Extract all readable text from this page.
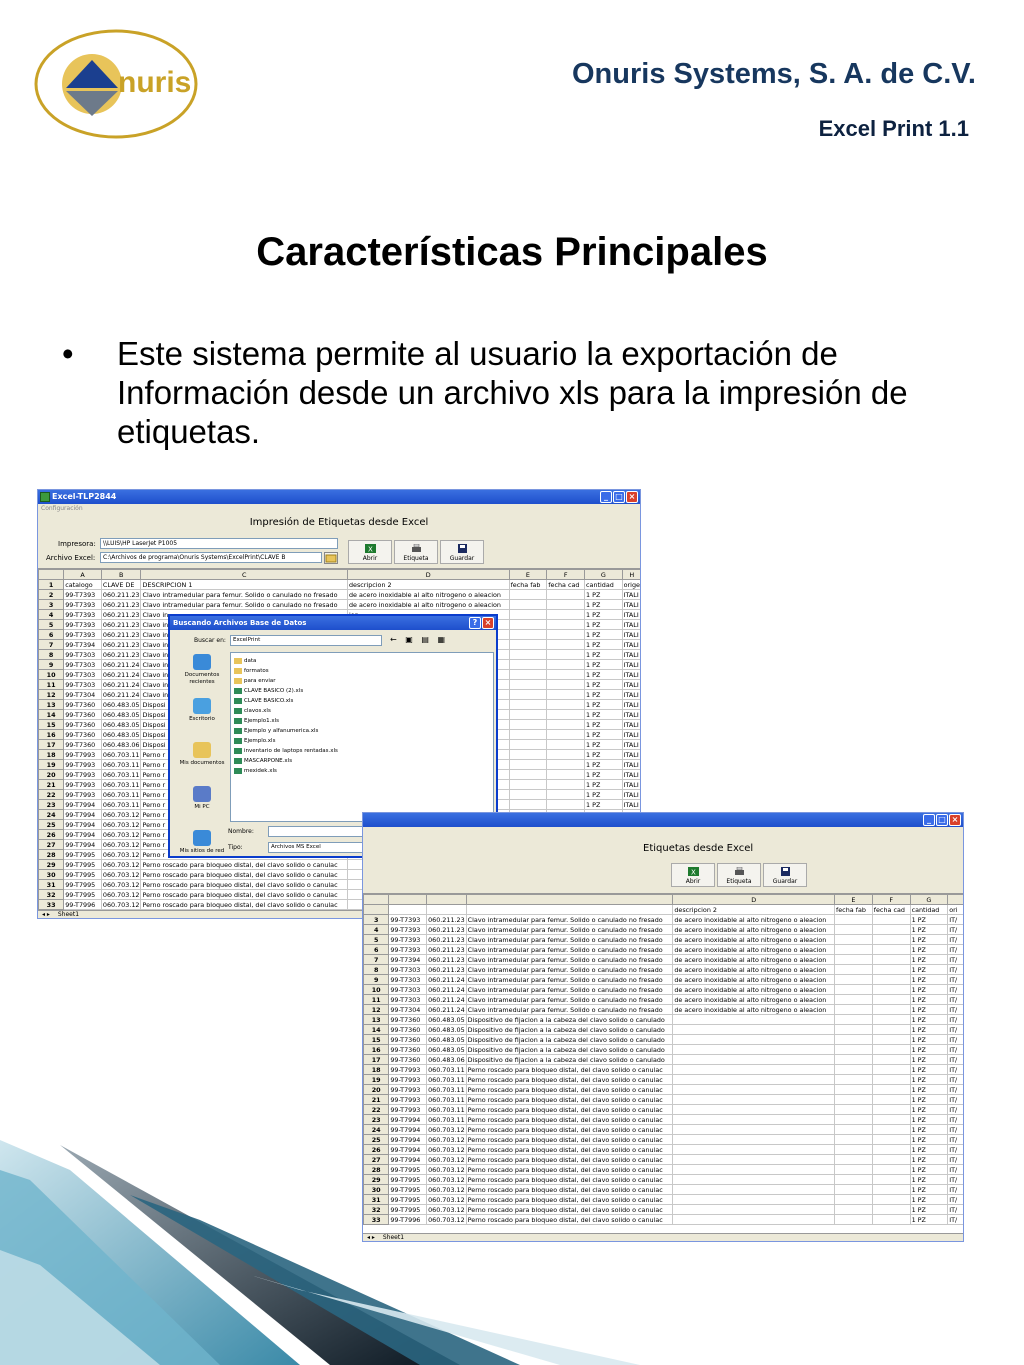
nuris	Onuris Systems, S. A. de C.V.
Excel Print 1.1
Características Principales
• Este sistema permite al usuario la exportación de Información desde un archivo xls para la impresión de etiquetas.
Excel-TLP2844	_ □ ×
Configuración
Impresión de Etiquetas desde Excel
Impresora:	\\LUIS\HP LaserJet P1005
Archivo Excel:	C:\Archivos de programa\Onuris Systems\ExcelPrint\CLAVE B
X
Abrir	Etiqueta	Guardar
	A	B	C	D	E	F	G	H
1	catalogo	CLAVE DE	DESCRIPCION 1	descripcion 2	fecha fab	fecha cad	cantidad	orige
2	99-T7393	060.211.23	Clavo intramedular para femur. Solido o canulado no fresado	de acero inoxidable al alto nitrogeno o aleacion			1 PZ	ITALI
3	99-T7393	060.211.23	Clavo intramedular para femur. Solido o canulado no fresado	de acero inoxidable al alto nitrogeno o aleacion			1 PZ	ITALI
4	99-T7393	060.211.23	Clavo in				1 PZ	ITALI
5	99-T7393	060.211.23	Clavo in				1 PZ	ITALI
6	99-T7393	060.211.23	Clavo in				1 PZ	ITALI
7	99-T7394	060.211.23	Clavo in				1 PZ	ITALI
8	99-T7303	060.211.23	Clavo in				1 PZ	ITALI
9	99-T7303	060.211.24	Clavo in				1 PZ	ITALI
10	99-T7303	060.211.24	Clavo in				1 PZ	ITALI
11	99-T7303	060.211.24	Clavo in				1 PZ	ITALI
12	99-T7304	060.211.24	Clavo in				1 PZ	ITALI
13	99-T7360	060.483.05	Disposi				1 PZ	ITALI
14	99-T7360	060.483.05	Disposi				1 PZ	ITALI
15	99-T7360	060.483.05	Disposi				1 PZ	ITALI
16	99-T7360	060.483.05	Disposi				1 PZ	ITALI
17	99-T7360	060.483.06	Disposi				1 PZ	ITALI
18	99-T7993	060.703.11	Perno r				1 PZ	ITALI
19	99-T7993	060.703.11	Perno r				1 PZ	ITALI
20	99-T7993	060.703.11	Perno r				1 PZ	ITALI
21	99-T7993	060.703.11	Perno r				1 PZ	ITALI
22	99-T7993	060.703.11	Perno r				1 PZ	ITALI
23	99-T7994	060.703.11	Perno r				1 PZ	ITALI
24	99-T7994	060.703.12	Perno r					
25	99-T7994	060.703.12	Perno r					
26	99-T7994	060.703.12	Perno r					
27	99-T7994	060.703.12	Perno r					
28	99-T7995	060.703.12	Perno r					
29	99-T7995	060.703.12	Perno roscado para bloqueo distal, del clavo solido o canulac					
30	99-T7995	060.703.12	Perno roscado para bloqueo distal, del clavo solido o canulac					
31	99-T7995	060.703.12	Perno roscado para bloqueo distal, del clavo solido o canulac					
32	99-T7995	060.703.12	Perno roscado para bloqueo distal, del clavo solido o canulac					
33	99-T7996	060.703.12	Perno roscado para bloqueo distal, del clavo solido o canulac					
◂ ▸ Sheet1
Buscando Archivos Base de Datos	? ×
Buscar en:	ExcelPrint	← ▣ ▤ ▦
Documentos recientes
Escritorio
Mis documentos
Mi PC
Mis sitios de red
data
formatos
para enviar
CLAVE BASICO (2).xls
CLAVE BASICO.xls
clavos.xls
Ejemplo1.xls
Ejemplo y alfanumerica.xls
Ejemplo.xls
inventario de laptops rentadas.xls
MASCARPONE.xls
mexidek.xls
Nombre:
Tipo:	Archivos MS Excel
_ □ ×
Etiquetas desde Excel
X
Abrir	Etiqueta	Guardar
				D	E	F	G	
				descripcion 2	fecha fab	fecha cad	cantidad	ori
3	99-T7393	060.211.23	Clavo intramedular para femur. Solido o canulado no fresado	de acero inoxidable al alto nitrogeno o aleacion			1 PZ	IT/
4	99-T7393	060.211.23	Clavo intramedular para femur. Solido o canulado no fresado	de acero inoxidable al alto nitrogeno o aleacion			1 PZ	IT/
5	99-T7393	060.211.23	Clavo intramedular para femur. Solido o canulado no fresado	de acero inoxidable al alto nitrogeno o aleacion			1 PZ	IT/
6	99-T7393	060.211.23	Clavo intramedular para femur. Solido o canulado no fresado	de acero inoxidable al alto nitrogeno o aleacion			1 PZ	IT/
7	99-T7394	060.211.23	Clavo intramedular para femur. Solido o canulado no fresado	de acero inoxidable al alto nitrogeno o aleacion			1 PZ	IT/
8	99-T7303	060.211.23	Clavo intramedular para femur. Solido o canulado no fresado	de acero inoxidable al alto nitrogeno o aleacion			1 PZ	IT/
9	99-T7303	060.211.24	Clavo intramedular para femur. Solido o canulado no fresado	de acero inoxidable al alto nitrogeno o aleacion			1 PZ	IT/
10	99-T7303	060.211.24	Clavo intramedular para femur. Solido o canulado no fresado	de acero inoxidable al alto nitrogeno o aleacion			1 PZ	IT/
11	99-T7303	060.211.24	Clavo intramedular para femur. Solido o canulado no fresado	de acero inoxidable al alto nitrogeno o aleacion			1 PZ	IT/
12	99-T7304	060.211.24	Clavo intramedular para femur. Solido o canulado no fresado	de acero inoxidable al alto nitrogeno o aleacion			1 PZ	IT/
13	99-T7360	060.483.05	Dispositivo de fijacion a la cabeza del clavo solido o canulado				1 PZ	IT/
14	99-T7360	060.483.05	Dispositivo de fijacion a la cabeza del clavo solido o canulado				1 PZ	IT/
15	99-T7360	060.483.05	Dispositivo de fijacion a la cabeza del clavo solido o canulado				1 PZ	IT/
16	99-T7360	060.483.05	Dispositivo de fijacion a la cabeza del clavo solido o canulado				1 PZ	IT/
17	99-T7360	060.483.06	Dispositivo de fijacion a la cabeza del clavo solido o canulado				1 PZ	IT/
18	99-T7993	060.703.11	Perno roscado para bloqueo distal, del clavo solido o canulac				1 PZ	IT/
19	99-T7993	060.703.11	Perno roscado para bloqueo distal, del clavo solido o canulac				1 PZ	IT/
20	99-T7993	060.703.11	Perno roscado para bloqueo distal, del clavo solido o canulac				1 PZ	IT/
21	99-T7993	060.703.11	Perno roscado para bloqueo distal, del clavo solido o canulac				1 PZ	IT/
22	99-T7993	060.703.11	Perno roscado para bloqueo distal, del clavo solido o canulac				1 PZ	IT/
23	99-T7994	060.703.11	Perno roscado para bloqueo distal, del clavo solido o canulac				1 PZ	IT/
24	99-T7994	060.703.12	Perno roscado para bloqueo distal, del clavo solido o canulac				1 PZ	IT/
25	99-T7994	060.703.12	Perno roscado para bloqueo distal, del clavo solido o canulac				1 PZ	IT/
26	99-T7994	060.703.12	Perno roscado para bloqueo distal, del clavo solido o canulac				1 PZ	IT/
27	99-T7994	060.703.12	Perno roscado para bloqueo distal, del clavo solido o canulac				1 PZ	IT/
28	99-T7995	060.703.12	Perno roscado para bloqueo distal, del clavo solido o canulac				1 PZ	IT/
29	99-T7995	060.703.12	Perno roscado para bloqueo distal, del clavo solido o canulac				1 PZ	IT/
30	99-T7995	060.703.12	Perno roscado para bloqueo distal, del clavo solido o canulac				1 PZ	IT/
31	99-T7995	060.703.12	Perno roscado para bloqueo distal, del clavo solido o canulac				1 PZ	IT/
32	99-T7995	060.703.12	Perno roscado para bloqueo distal, del clavo solido o canulac				1 PZ	IT/
33	99-T7996	060.703.12	Perno roscado para bloqueo distal, del clavo solido o canulac				1 PZ	IT/
◂ ▸ Sheet1
